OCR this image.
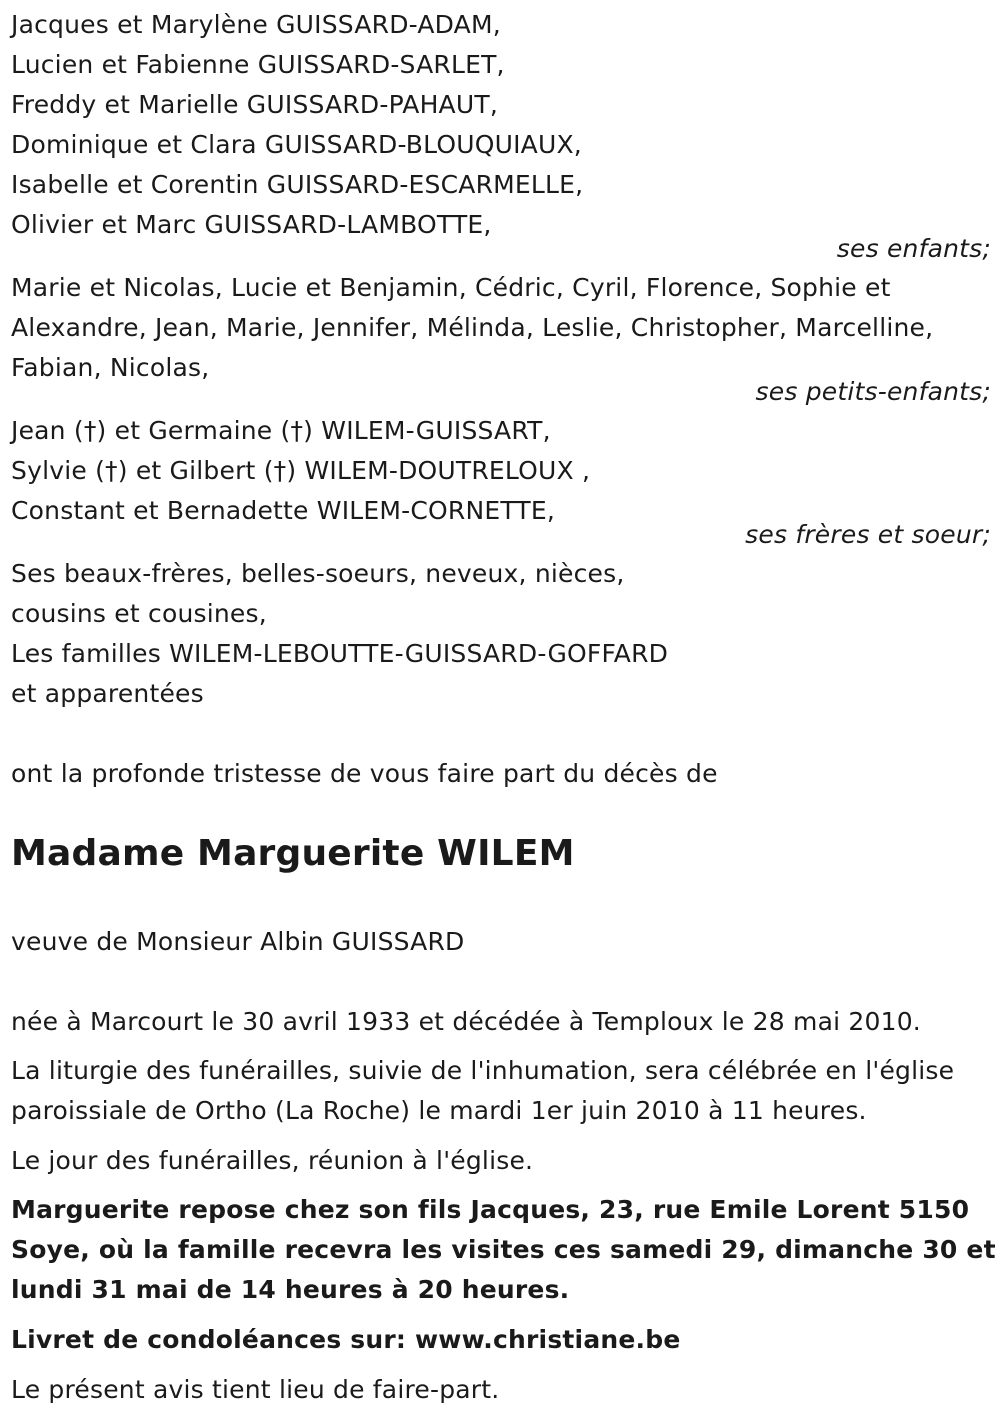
Jacques et Marylène GUISSARD-ADAM,
Lucien et Fabienne GUISSARD-SARLET,
Freddy et Marielle GUISSARD-PAHAUT,
Dominique et Clara GUISSARD-BLOUQUIAUX,
Isabelle et Corentin GUISSARD-ESCARMELLE,
Olivier et Marc GUISSARD-LAMBOTTE,
ses enfants;
Marie et Nicolas, Lucie et Benjamin, Cédric, Cyril, Florence, Sophie et
Alexandre, Jean, Marie, Jennifer, Mélinda, Leslie, Christopher, Marcelline,
Fabian, Nicolas,
ses petits-enfants;
Jean (†) et Germaine (†) WILEM-GUISSART,
Sylvie (†) et Gilbert (†) WILEM-DOUTRELOUX ,
Constant et Bernadette WILEM-CORNETTE,
ses frères et soeur;
Ses beaux-frères, belles-soeurs, neveux, nièces,
cousins et cousines,
Les familles WILEM-LEBOUTTE-GUISSARD-GOFFARD
et apparentées
ont la profonde tristesse de vous faire part du décès de
Madame Marguerite WILEM
veuve de Monsieur Albin GUISSARD
née à Marcourt le 30 avril 1933 et décédée à Temploux le 28 mai 2010.
La liturgie des funérailles, suivie de l'inhumation, sera célébrée en l'église
paroissiale de Ortho (La Roche) le mardi 1er juin 2010 à 11 heures.
Le jour des funérailles, réunion à l'église.
Marguerite repose chez son fils Jacques, 23, rue Emile Lorent 5150
Soye, où la famille recevra les visites ces samedi 29, dimanche 30 et
lundi 31 mai de 14 heures à 20 heures.
Livret de condoléances sur: www.christiane.be
Le présent avis tient lieu de faire-part.
